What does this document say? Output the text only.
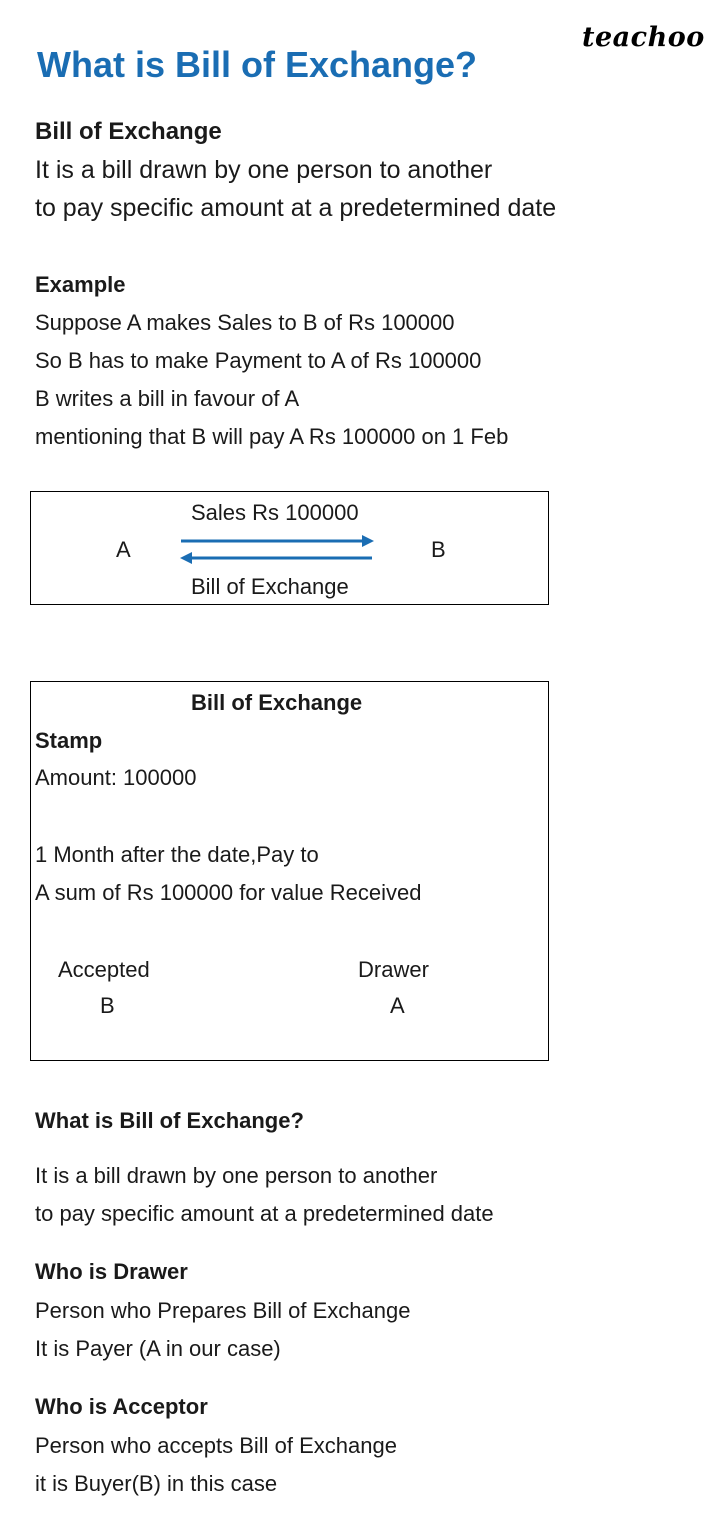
teachoo
What is Bill of Exchange?
Bill of Exchange
It is a bill drawn by one person to another
to pay specific amount at a predetermined date
Example
Suppose A makes Sales to B of Rs 100000
So B has to make Payment to A of Rs 100000
B writes a bill in favour of A
mentioning that B will pay A Rs 100000 on 1 Feb
Sales Rs 100000
A	B
Bill of Exchange
Bill of Exchange
Stamp
Amount: 100000
1 Month after the date,Pay to
A sum of Rs 100000 for value Received
Accepted
B
Drawer
A
What is Bill of Exchange?
It is a bill drawn by one person to another
to pay specific amount at a predetermined date
Who is Drawer
Person who Prepares Bill of Exchange
It is Payer (A in our case)
Who is Acceptor
Person who accepts Bill of Exchange
it is Buyer(B) in this case
